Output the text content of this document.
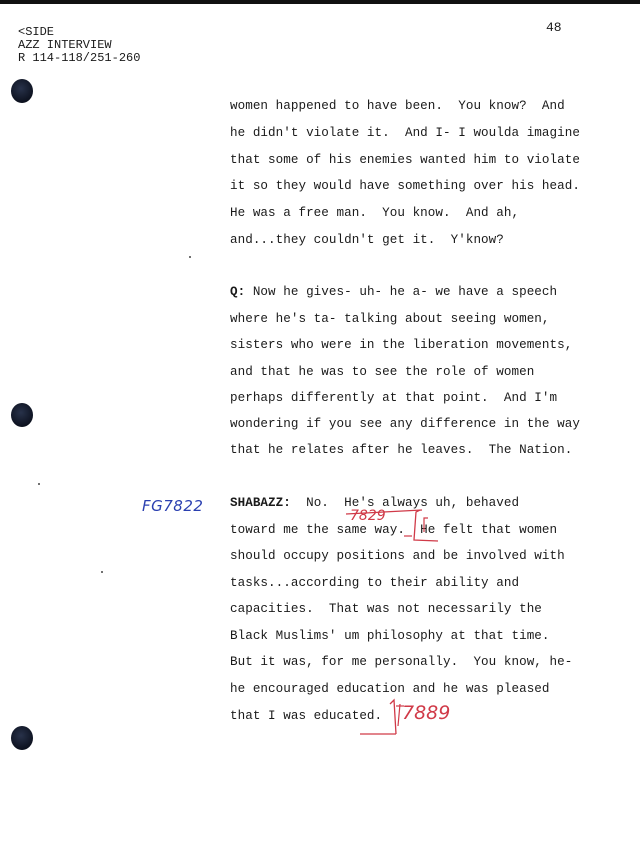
<SIDE
AZZ INTERVIEW
R 114-118/251-260
48
women happened to have been.  You know?  And
he didn't violate it.  And I- I woulda imagine
that some of his enemies wanted him to violate
it so they would have something over his head.
He was a free man.  You know.  And ah,
and...they couldn't get it.  Y'know?
Q: Now he gives- uh- he a- we have a speech
where he's ta- talking about seeing women,
sisters who were in the liberation movements,
and that he was to see the role of women
perhaps differently at that point.  And I'm
wondering if you see any difference in the way
that he relates after he leaves.  The Nation.
FG7822 SHABAZZ:  No.  He's always uh, behaved
toward me the same way.  He felt that women
should occupy positions and be involved with
tasks...according to their ability and
capacities.  That was not necessarily the
Black Muslims' um philosophy at that time.
But it was, for me personally.  You know, he-
he encouraged education and he was pleased
that I was educated.
7829
7889
